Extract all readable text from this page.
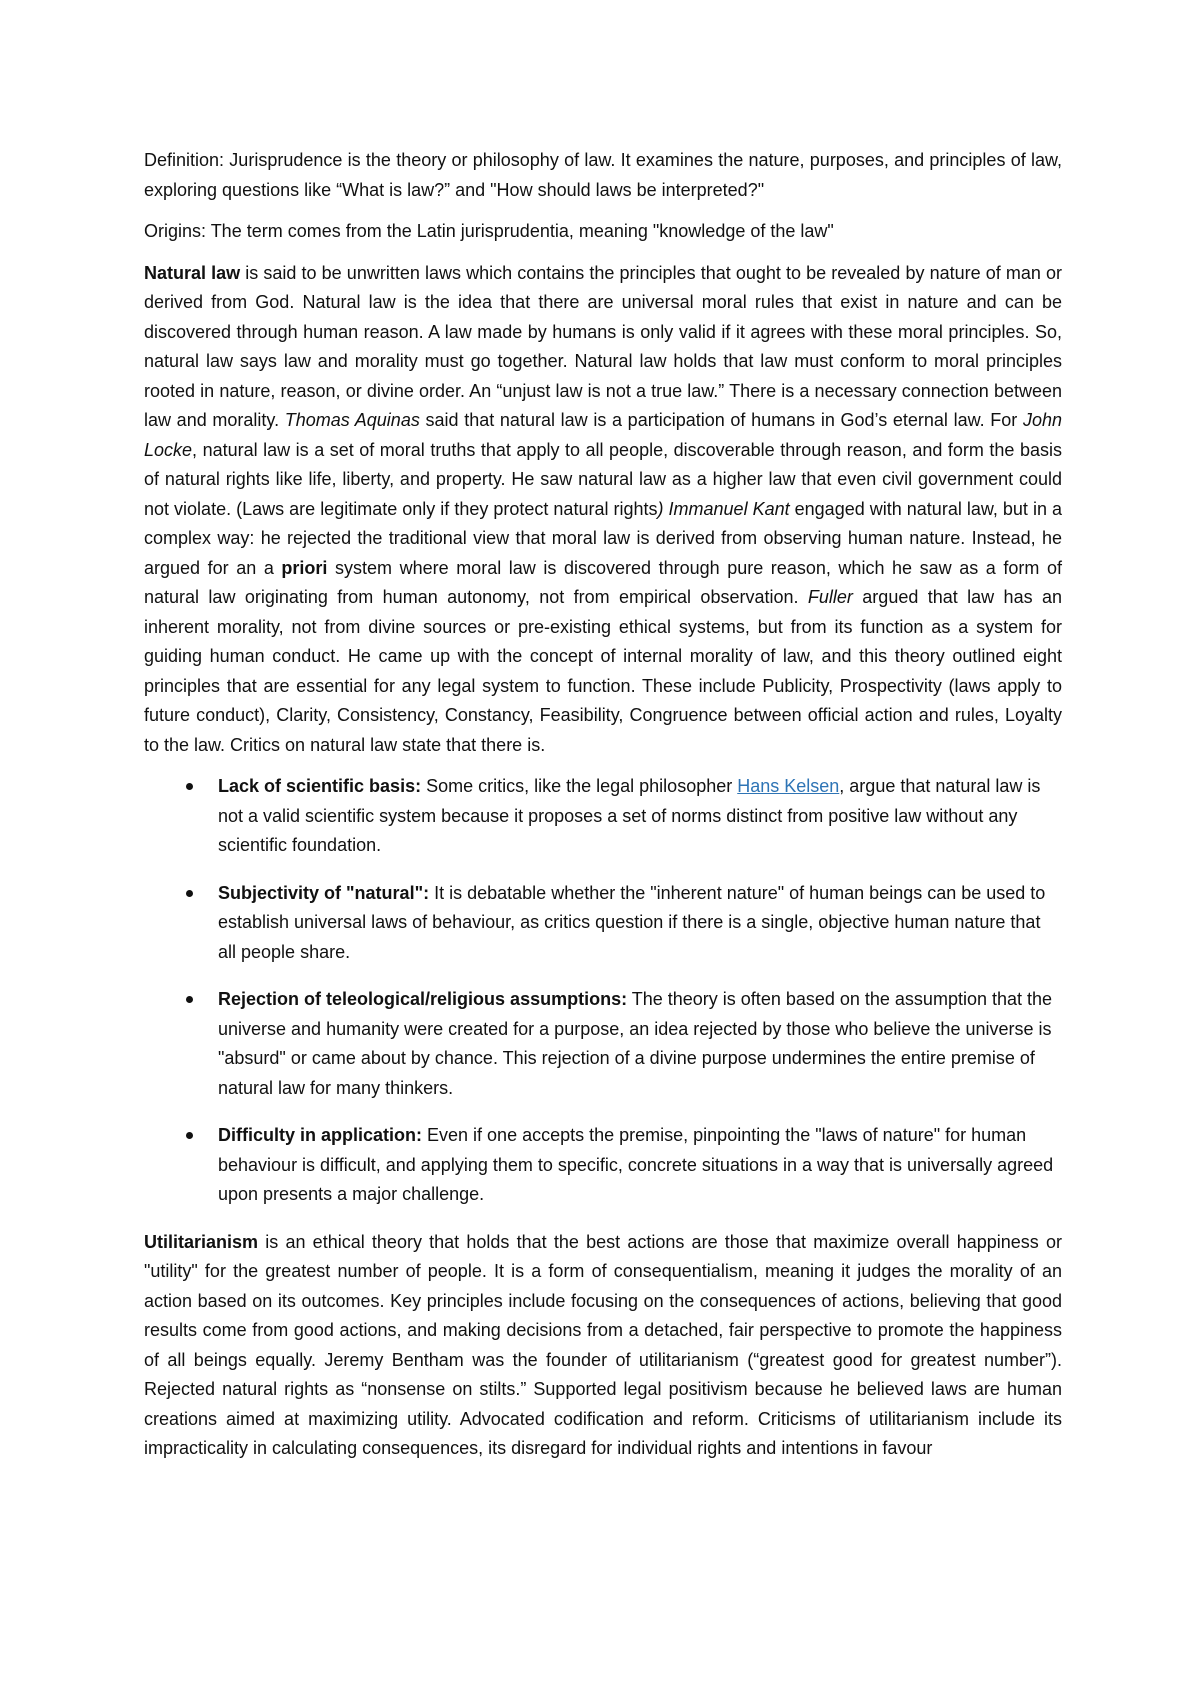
Definition: Jurisprudence is the theory or philosophy of law. It examines the nature, purposes, and principles of law, exploring questions like “What is law?” and "How should laws be interpreted?"

Origins: The term comes from the Latin jurisprudentia, meaning "knowledge of the law"

Natural law is said to be unwritten laws which contains the principles that ought to be revealed by nature of man or derived from God. Natural law is the idea that there are universal moral rules that exist in nature and can be discovered through human reason. A law made by humans is only valid if it agrees with these moral principles. So, natural law says law and morality must go together. Natural law holds that law must conform to moral principles rooted in nature, reason, or divine order. An “unjust law is not a true law.” There is a necessary connection between law and morality. Thomas Aquinas said that natural law is a participation of humans in God’s eternal law. For John Locke, natural law is a set of moral truths that apply to all people, discoverable through reason, and form the basis of natural rights like life, liberty, and property. He saw natural law as a higher law that even civil government could not violate. (Laws are legitimate only if they protect natural rights) Immanuel Kant engaged with natural law, but in a complex way: he rejected the traditional view that moral law is derived from observing human nature. Instead, he argued for an a priori system where moral law is discovered through pure reason, which he saw as a form of natural law originating from human autonomy, not from empirical observation. Fuller argued that law has an inherent morality, not from divine sources or pre-existing ethical systems, but from its function as a system for guiding human conduct. He came up with the concept of internal morality of law, and this theory outlined eight principles that are essential for any legal system to function. These include Publicity, Prospectivity (laws apply to future conduct), Clarity, Consistency, Constancy, Feasibility, Congruence between official action and rules, Loyalty to the law. Critics on natural law state that there is.

Lack of scientific basis: Some critics, like the legal philosopher Hans Kelsen, argue that natural law is not a valid scientific system because it proposes a set of norms distinct from positive law without any scientific foundation.
Subjectivity of "natural": It is debatable whether the "inherent nature" of human beings can be used to establish universal laws of behaviour, as critics question if there is a single, objective human nature that all people share.
Rejection of teleological/religious assumptions: The theory is often based on the assumption that the universe and humanity were created for a purpose, an idea rejected by those who believe the universe is "absurd" or came about by chance. This rejection of a divine purpose undermines the entire premise of natural law for many thinkers.
Difficulty in application: Even if one accepts the premise, pinpointing the "laws of nature" for human behaviour is difficult, and applying them to specific, concrete situations in a way that is universally agreed upon presents a major challenge.

Utilitarianism is an ethical theory that holds that the best actions are those that maximize overall happiness or "utility" for the greatest number of people. It is a form of consequentialism, meaning it judges the morality of an action based on its outcomes. Key principles include focusing on the consequences of actions, believing that good results come from good actions, and making decisions from a detached, fair perspective to promote the happiness of all beings equally. Jeremy Bentham was the founder of utilitarianism (“greatest good for greatest number”). Rejected natural rights as “nonsense on stilts.” Supported legal positivism because he believed laws are human creations aimed at maximizing utility. Advocated codification and reform. Criticisms of utilitarianism include its impracticality in calculating consequences, its disregard for individual rights and intentions in favour
